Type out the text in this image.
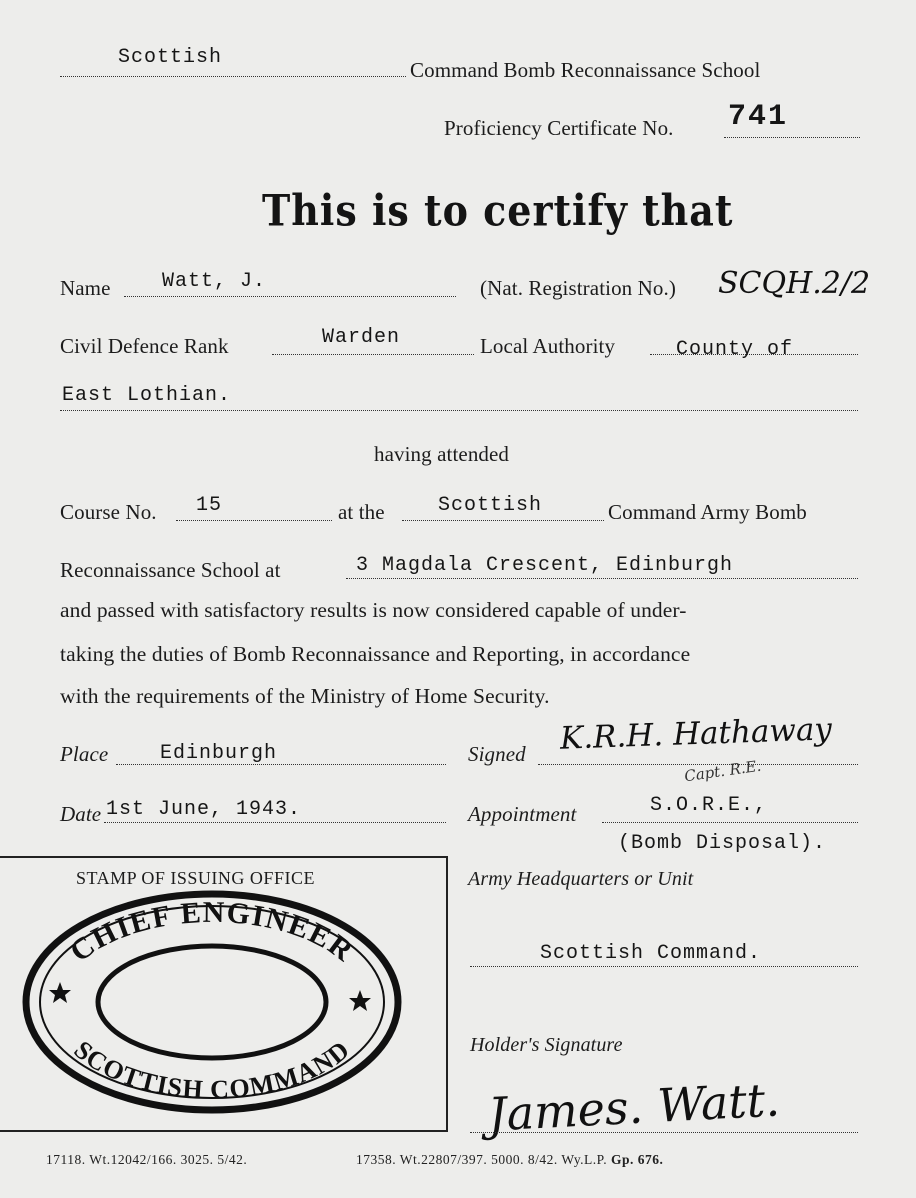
Scottish
Command Bomb Reconnaissance School
Proficiency Certificate No. 741
This is to certify that
Name	Watt, J.	(Nat. Registration No.) SCQH.2/2
Civil Defence Rank	Warden	Local Authority	County of
East Lothian.
having attended
Course No. 15	at the	Scottish	Command Army Bomb
Reconnaissance School at	3 Magdala Crescent, Edinburgh
and passed with satisfactory results is now considered capable of under-
taking the duties of Bomb Reconnaissance and Reporting, in accordance
with the requirements of the Ministry of Home Security.
Place	Edinburgh	Signed K.R.H. Hathaway
Capt. R.E.
Date 1st June, 1943.	Appointment	S.O.R.E.,
(Bomb Disposal).
STAMP OF ISSUING OFFICE
CHIEF ENGINEER
SCOTTISH COMMAND
Army Headquarters or Unit
Scottish Command.
Holder's Signature
James. Watt.
17118. Wt.12042/166. 3025. 5/42.	17358. Wt.22807/397. 5000. 8/42. Wy.L.P. Gp. 676.
